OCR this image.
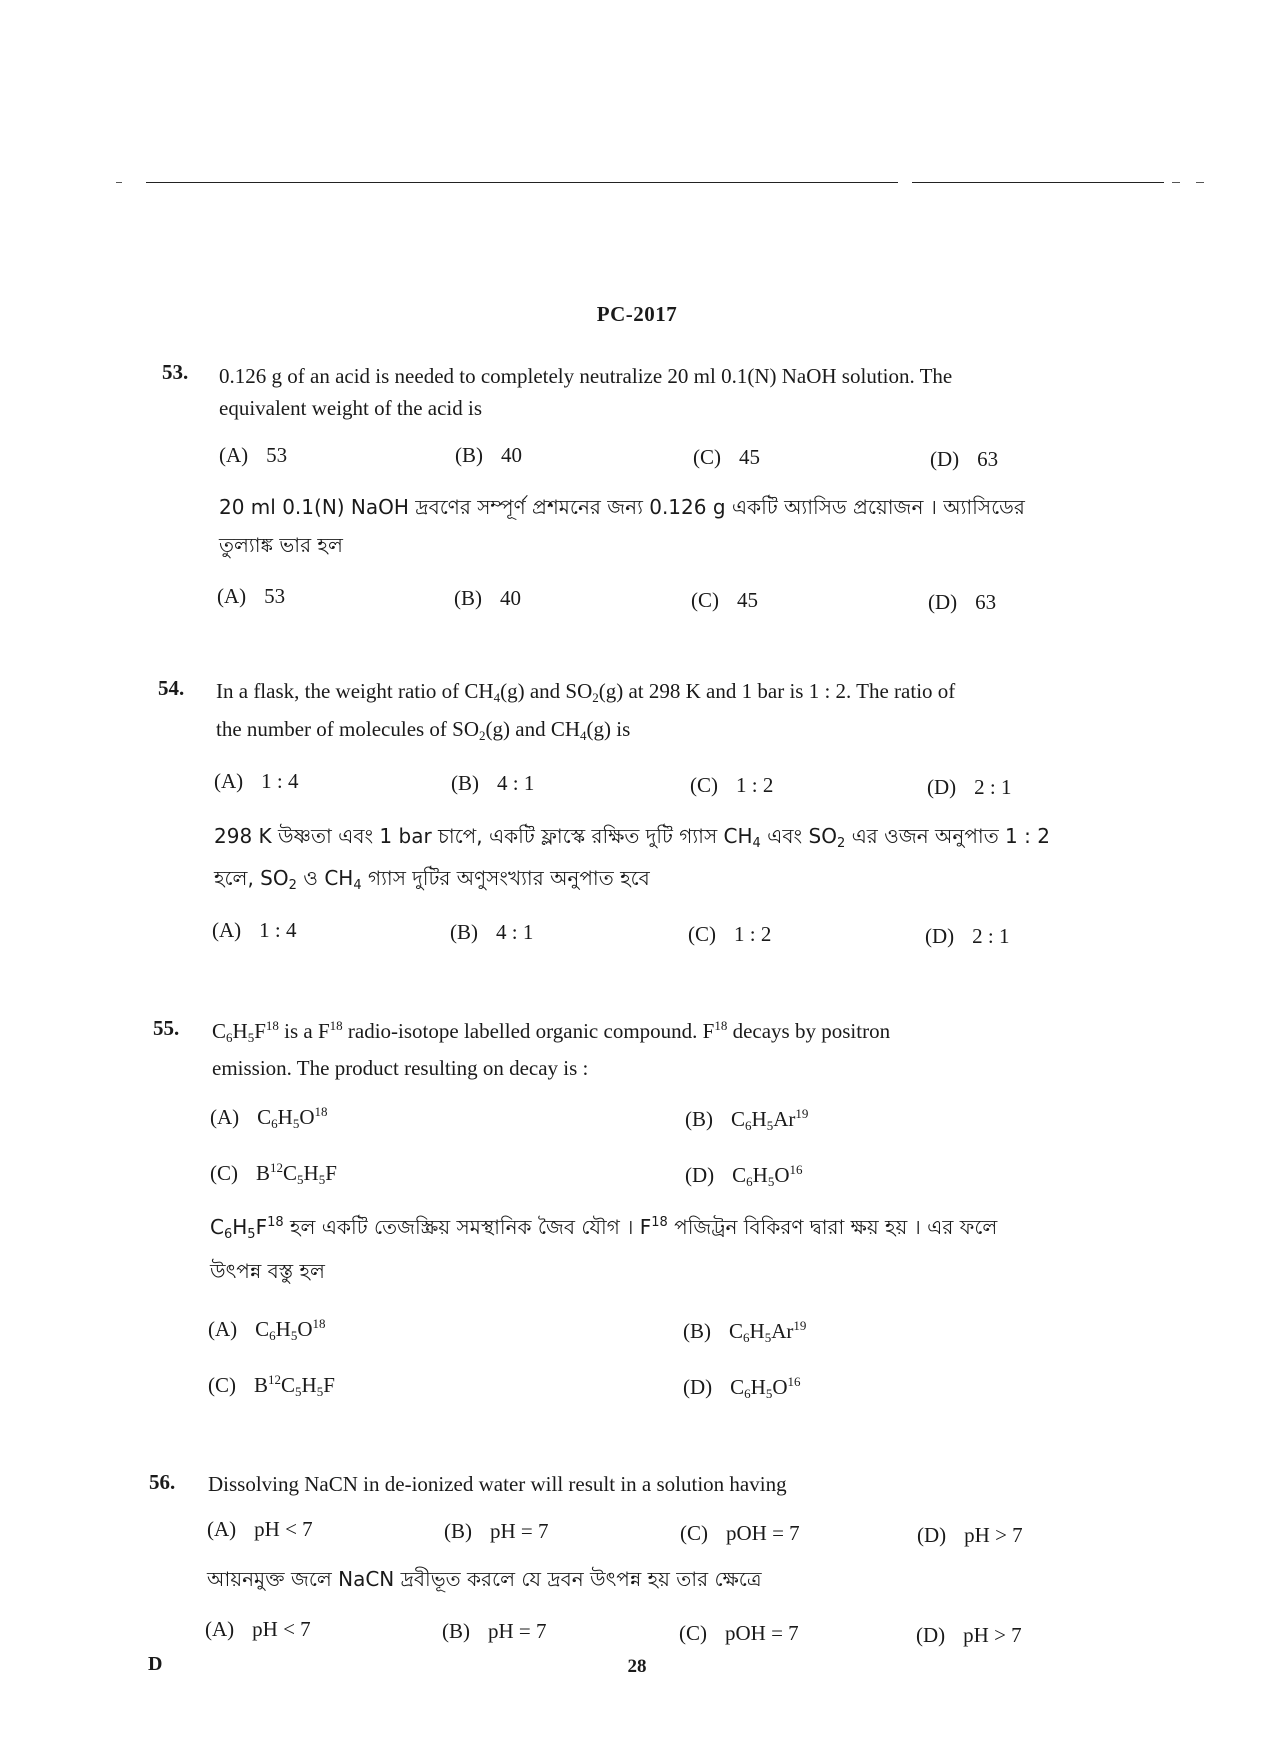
PC-2017
53. 0.126 g of an acid is needed to completely neutralize 20 ml 0.1(N) NaOH solution. The
equivalent weight of the acid is
(A) 53	(B) 40	(C) 45	(D) 63
20 ml 0.1(N) NaOH দ্রবণের সম্পূর্ণ প্রশমনের জন্য 0.126 g একটি অ্যাসিড প্রয়োজন । অ্যাসিডের
তুল্যাঙ্ক ভার হল
(A) 53	(B) 40	(C) 45	(D) 63
54. In a flask, the weight ratio of $CH_4(g)$ and $SO_2(g)$ at 298 K and 1 bar is 1 : 2. The ratio of
the number of molecules of $SO_2(g)$ and $CH_4(g)$ is
(A) 1 : 4	(B) 4 : 1	(C) 1 : 2	(D) 2 : 1
298 K উষ্ণতা এবং 1 bar চাপে, একটি ফ্লাস্কে রক্ষিত দুটি গ্যাস $CH_4$ এবং $SO_2$ এর ওজন অনুপাত 1 : 2
হলে, $SO_2$ ও $CH_4$ গ্যাস দুটির অণুসংখ্যার অনুপাত হবে
(A) 1 : 4	(B) 4 : 1	(C) 1 : 2	(D) 2 : 1
55. $C_6H_5F^{18}$ is a $F^{18}$ radio-isotope labelled organic compound. $F^{18}$ decays by positron
emission. The product resulting on decay is :
(A) $C_6H_5O^{18}$	(B) $C_6H_5Ar^{19}$
(C) $B^{12}C_5H_5F$	(D) $C_6H_5O^{16}$
$C_6H_5F^{18}$ হল একটি তেজস্ক্রিয় সমস্থানিক জৈব যৌগ । $F^{18}$ পজিট্রন বিকিরণ দ্বারা ক্ষয় হয় । এর ফলে
উৎপন্ন বস্তু হল
(A) $C_6H_5O^{18}$	(B) $C_6H_5Ar^{19}$
(C) $B^{12}C_5H_5F$	(D) $C_6H_5O^{16}$
56. Dissolving NaCN in de-ionized water will result in a solution having
(A) pH < 7	(B) pH = 7	(C) pOH = 7	(D) pH > 7
আয়নমুক্ত জলে NaCN দ্রবীভূত করলে যে দ্রবন উৎপন্ন হয় তার ক্ষেত্রে
(A) pH < 7	(B) pH = 7	(C) pOH = 7	(D) pH > 7
D	28
